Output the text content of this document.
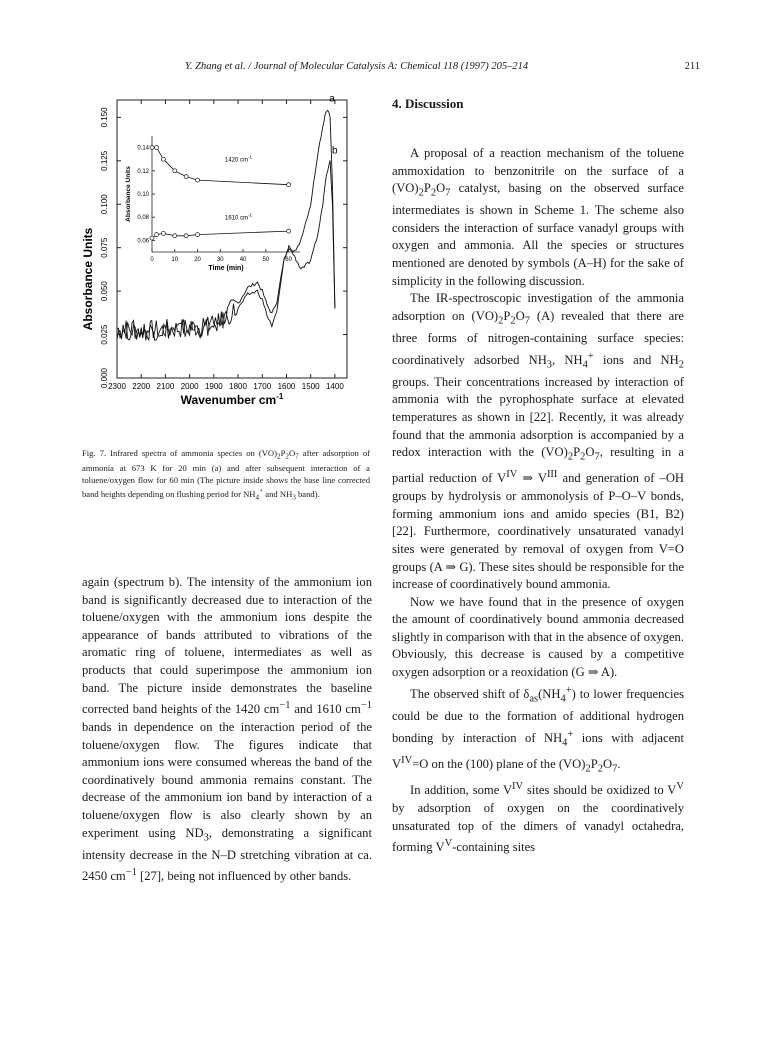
Y. Zhang et al. / Journal of Molecular Catalysis A: Chemical 118 (1997) 205–214	211
2300 2200 2100 2000 1900 1800 1700 1600 1500 1400
0.000
0.025
0.050
0.075
0.100
0.125
0.150
Wavenumber $cm^{-1}$
Absorbance Units
a
b
0	10	20	30	40	50	60
0.14
0.12
0.10
0.08
0.06
Time (min)
Absorbance Units
1420 $cm^{-1}$
1610 $cm^{-1}$
Fig. 7. Infrared spectra of ammonia species on $(VO)_2P_2O_7$ after adsorption of ammonia at 673 K for 20 min (a) and after subsequent interaction of a toluene/oxygen flow for 60 min (The picture inside shows the base line corrected band heights depending on flushing period for $NH_4^+$ and $NH_3$ band).

again (spectrum b). The intensity of the ammonium ion band is significantly decreased due to interaction of the toluene/oxygen with the ammonium ions despite the appearance of bands attributed to vibrations of the aromatic ring of toluene, intermediates as well as products that could superimpose the ammonium ion band. The picture inside demonstrates the baseline corrected band heights of the 1420 $cm^{-1}$ and 1610 $cm^{-1}$ bands in dependence on the interaction period of the toluene/oxygen flow. The figures indicate that ammonium ions were consumed whereas the band of the coordinatively bound ammonia remains constant. The decrease of the ammonium ion band by interaction of a toluene/oxygen flow is also clearly shown by an experiment using $ND_3$, demonstrating a significant intensity decrease in the N–D stretching vibration at ca. 2450 $cm^{-1}$ [27], being not influenced by other bands.

4. Discussion

A proposal of a reaction mechanism of the toluene ammoxidation to benzonitrile on the surface of a $(VO)_2P_2O_7$ catalyst, basing on the observed surface intermediates is shown in Scheme 1. The scheme also considers the interaction of surface vanadyl groups with oxygen and ammonia. All the species or structures mentioned are denoted by symbols (A–H) for the sake of simplicity in the following discussion.

The IR-spectroscopic investigation of the ammonia adsorption on $(VO)_2P_2O_7$ (A) revealed that there are three forms of nitrogen-containing surface species: coordinatively adsorbed $NH_3$, $NH_4^+$ ions and $NH_2$ groups. Their concentrations increased by interaction of ammonia with the pyrophosphate surface at elevated temperatures as shown in [22]. Recently, it was already found that the ammonia adsorption is accompanied by a redox interaction with the $(VO)_2P_2O_7$, resulting in a partial reduction of $V^{IV}$ ⇒ $V^{III}$ and generation of –OH groups by hydrolysis or ammonolysis of P–O–V bonds, forming ammonium ions and amido species (B1, B2) [22]. Furthermore, coordinatively unsaturated vanadyl sites were generated by removal of oxygen from V=O groups (A ⇒ G). These sites should be responsible for the increase of coordinatively bound ammonia.

Now we have found that in the presence of oxygen the amount of coordinatively bound ammonia decreased slightly in comparison with that in the absence of oxygen. Obviously, this decrease is caused by a competitive oxygen adsorption or a reoxidation (G ⇒ A).

The observed shift of $\delta_{as}(NH_4^+)$ to lower frequencies could be due to the formation of additional hydrogen bonding by interaction of $NH_4^+$ ions with adjacent $V^{IV}=O$ on the (100) plane of the $(VO)_2P_2O_7$.

In addition, some $V^{IV}$ sites should be oxidized to $V^V$ by adsorption of oxygen on the coordinatively unsaturated top of the dimers of vanadyl octahedra, forming $V^V$-containing sites
